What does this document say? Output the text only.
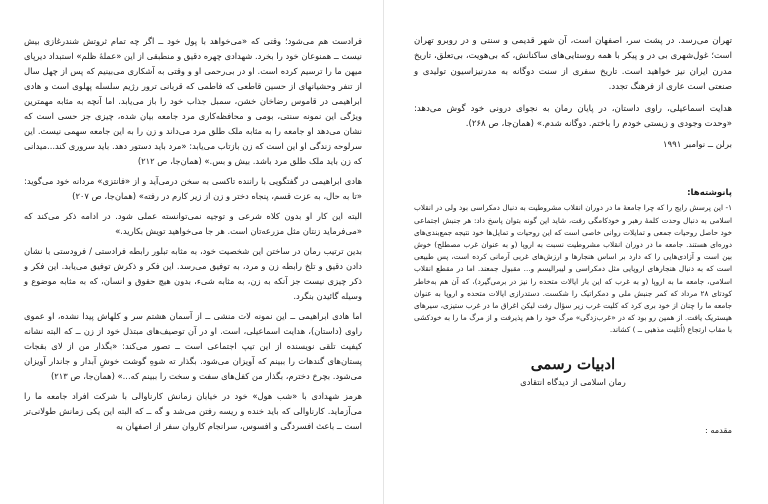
فرادست هم می‌شود؛ وقتی که «می‌خواهد با پول خود ــ اگر چه تمام ثروتش شندرغازی بیش نیست ــ همنوعان خود را بخرد. شهدادی چهره دقیق و منطبقی از این «عملهٔ ظلم» استبداد دیرپای میهن ما را ترسیم کرده است. او در بی‌رحمی او و وقتی به آشکاری می‌بینیم که پس از چهل سال از تنفر وحشیانهای از حسین قاطعی که فاطمی که قربانی ترور رژیم سلسله پهلوی است و هادی ابراهیمی در قاموس رضاخان خشن، سمبل جذاب خود را باز می‌یابد. اما آنچه به مثابه مهمترین ویژگی این نمونه سنتی، بومی و محافظه‌کاری مرد جامعه بیان شده، چیزی جز حسی است که نشان می‌دهد او جامعه را به مثابه ملک طلق مرد می‌داند و زن را به این جامعه سهمی نیست. این سرلوحه زندگی او این است که زن بازتاب می‌یابد: «مرد باید دستور دهد. باید سروری کند...میدانی که زن باید ملک طلق مرد باشد. بیش و بس.» (همان‌جا، ص ۲۱۲)

هادی ابراهیمی در گفتگویی با راننده تاکسی به سخن درمی‌آید و از «فانتزی» مردانه خود می‌گوید: «تا به حال، به عزت قسم، پنجاه دختر و زن از زیر کارم در رفته» (همان‌جا، ص ۲۰۷)

البته این کار او بدون کلاه شرعی و توجیه نمی‌توانسته عملی شود. در ادامه ذکر می‌کند که «می‌فرماید زنتان مثل مزرعه‌تان است. هر جا می‌خواهید تویش بکارید.»

بدین ترتیب رمان در ساختن این شخصیت خود، به مثابه تبلور رابطه فرادستی / فرودستی با نشان دادن دقیق و تلخ رابطه زن و مرد، به توفیق می‌رسد. این فکر و ذکرش توفیق می‌یابد. این فکر و ذکر چیزی نیست جز آنکه به زن، به مثابه شیء، بدون هیچ حقوق و انسان، که به مثابه موضوع و وسیله گائیدن بنگرد.

اما هادی ابراهیمی ــ این نمونه لات منشی ــ از آسمان هشتم سر و کلهاش پیدا نشده، او عموی راوی (داستان)، هدایت اسماعیلی، است. او در آن توصیف‌های مبتذل خود از زن ــ که البته نشانه کیفیت تلقی نویسنده از این تیپ اجتماعی است ــ تصور می‌کند: «بگذار من از لای بقجات پستان‌های گندهات را ببینم که آویزان می‌شود. بگذار ته شوهِ گوشت خوشِ آبدار و جاندار آویزان می‌شود. بچرخ دخترم، بگذار من کفل‌های سفت و سخت را ببینم که...» (همان‌جا، ص ۲۱۳)

هرمز شهدادی با «شب هول» خود در خیابان زمانش کارناوالی با شرکت افراد جامعه ما را می‌آزماید. کارناوالی که باید خنده و ریسه رفتن می‌شد و گه ــ که البته این یکی زمانش طولانی‌تر است ــ باعث افسردگی و افسوس، سرانجام کاروان سفر از اصفهان به

تهران می‌رسد. در پشت سر، اصفهان است، آن شهر قدیمی و سنتی و در روبرو تهران است؛ غول‌شهری بی در و پیکر با همه روستایی‌های ساکنانش، که بی‌هویت، بی‌تعلق، تاریخ مدرن ایران نیز خواهید است. تاریخ سفری از سنت دوگانه به مدرنیزاسیون تولیدی و صنعتی است عاری از فرهنگ تجدد.

هدایت اسماعیلی، راوی داستان، در پایان رمان به نجوای درونی خود گوش می‌دهد: «وحدت وجودی و زیستی خودم را باختم. دوگانه شدم.» (همان‌جا، ص ۲۶۸).

برلن ــ نوامبر ۱۹۹۱

پانوشته‌ها:

۱- این پرسش رایج را که چرا جامعهٔ ما در دوران انقلاب مشروطیت به دنبال دمکراسی بود ولی در انقلاب اسلامی به دنبال وحدت کلمهٔ رهبر و خودکامگی رفت، شاید این گونه بتوان پاسخ داد: هر جنبش اجتماعی خود حاصل روحیات جمعی و تمایلات روانی خاصی است که این روحیات و تمایل‌ها خود نتیجه جمع‌بندی‌های دوره‌ای هستند. جامعه ما در دوران انقلاب مشروطیت نسبت به اروپا (و به عنوان غرب مصطلح) خوش بین است و آزادی‌هایی را که دارد بر اساس هنجارها و ارزش‌های غربی آرمانی کرده است، پس طبیعی است که به دنبال هنجارهای اروپایی مثل دمکراسی و لیبرالیسم و... مقبول جمعند. اما در مقطع انقلاب اسلامی، جامعه ما به اروپا (و به غرب که این بار ایالات متحده را نیز در برمی‌گیرد)، که آن هم به‌خاطر کودتای ۲۸ مرداد که کمر جنبش ملی و دمکراتیک را شکست. دستدرازی ایالات متحده و اروپا به عنوان جامعه ما را چنان از خود بری کرد که کلیت غرب زیر سؤال رفت لیکن اغراق ما در غرب ستیزی، سیرهای هیستریک یافت. از همین رو بود که در «غرب‌زدگی» مرگ خود را هم پذیرفت و از مرگ ما را به خودکشی با مقاب ارتجاع (اُتلیت مذهبی ــ ) کشاند.

ادبیات رسمی

رمان اسلامی از دیدگاه انتقادی

مقدمه :
